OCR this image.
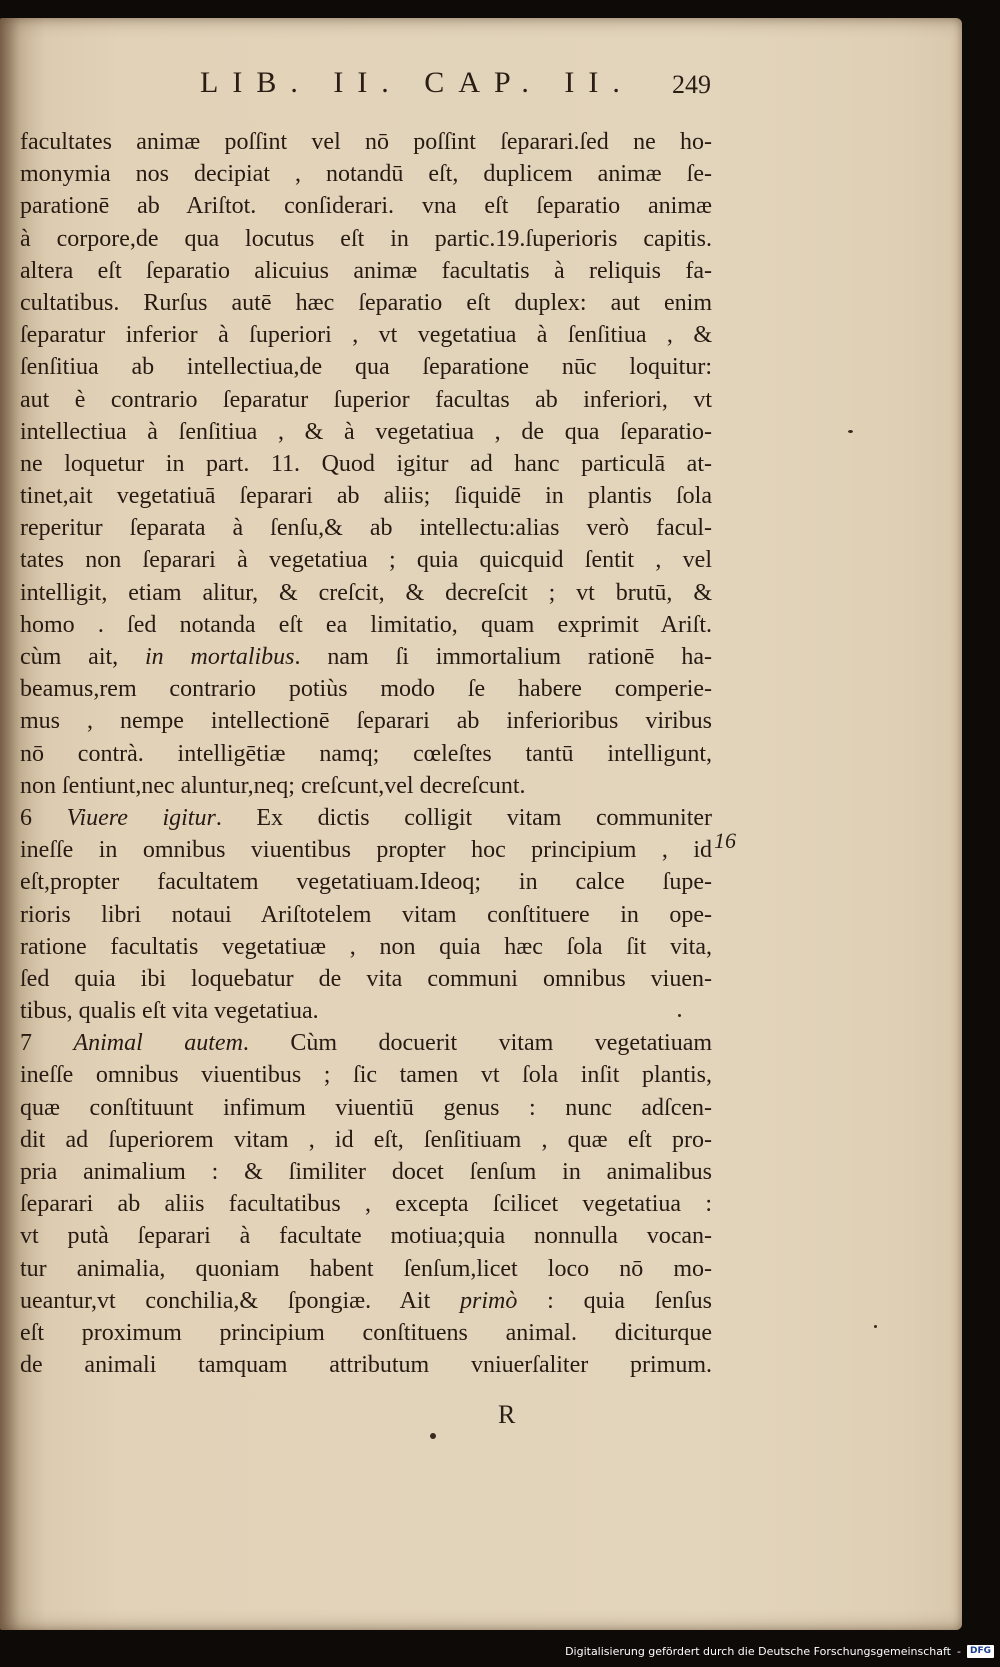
LIB. II. CAP. II. 249
facultates animæ poſſint vel nō poſſint ſeparari.ſed ne ho-
monymia nos decipiat , notandū eſt, duplicem animæ ſe-
parationē ab Ariſtot. conſiderari. vna eſt ſeparatio animæ
à corpore,de qua locutus eſt in partic.19.ſuperioris capitis.
altera eſt ſeparatio alicuius animæ facultatis à reliquis fa-
cultatibus. Rurſus autē hæc ſeparatio eſt duplex: aut enim
ſeparatur inferior à ſuperiori , vt vegetatiua à ſenſitiua , &
ſenſitiua ab intellectiua,de qua ſeparatione nūc loquitur:
aut è contrario ſeparatur ſuperior facultas ab inferiori, vt
intellectiua à ſenſitiua , & à vegetatiua , de qua ſeparatio-
ne loquetur in part. 11. Quod igitur ad hanc particulā at-
tinet,ait vegetatiuā ſeparari ab aliis; ſiquidē in plantis ſola
reperitur ſeparata à ſenſu,& ab intellectu:alias verò facul-
tates non ſeparari à vegetatiua ; quia quicquid ſentit , vel
intelligit, etiam alitur, & creſcit, & decreſcit ; vt brutū, &
homo . ſed notanda eſt ea limitatio, quam exprimit Ariſt.
cùm ait, in mortalibus. nam ſi immortalium rationē ha-
beamus,rem contrario potiùs modo ſe habere comperie-
mus , nempe intellectionē ſeparari ab inferioribus viribus
nō contrà. intelligētiæ namq; cœleſtes tantū intelligunt,
non ſentiunt,nec aluntur,neq; creſcunt,vel decreſcunt.
6 Viuere igitur. Ex dictis colligit vitam communiter
ineſſe in omnibus viuentibus propter hoc principium , id
eſt,propter facultatem vegetatiuam.Ideoq; in calce ſupe-
rioris libri notaui Ariſtotelem vitam conſtituere in ope-
ratione facultatis vegetatiuæ , non quia hæc ſola ſit vita,
ſed quia ibi loquebatur de vita communi omnibus viuen-
tibus, qualis eſt vita vegetatiua.
7 Animal autem. Cùm docuerit vitam vegetatiuam
ineſſe omnibus viuentibus ; ſic tamen vt ſola inſit plantis,
quæ conſtituunt infimum viuentiū genus : nunc adſcen-
dit ad ſuperiorem vitam , id eſt, ſenſitiuam , quæ eſt pro-
pria animalium : & ſimiliter docet ſenſum in animalibus
ſeparari ab aliis facultatibus , excepta ſcilicet vegetatiua :
vt putà ſeparari à facultate motiua;quia nonnulla vocan-
tur animalia, quoniam habent ſenſum,licet loco nō mo-
ueantur,vt conchilia,& ſpongiæ. Ait primò : quia ſenſus
eſt proximum principium conſtituens animal. diciturque
de animali tamquam attributum vniuerſaliter primum.
16
R
Digitalisierung gefördert durch die Deutsche Forschungsgemeinschaft -	DFG
